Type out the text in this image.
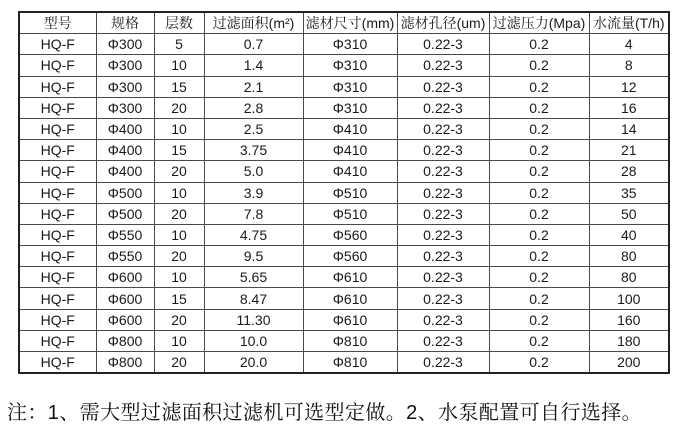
型号	规格	层数	过滤面积(m²)	滤材尺寸(mm)	滤材孔径(um)	过滤压力(Mpa)	水流量(T/h)
HQ-F	Φ300	5	0.7	Φ310	0.22-3	0.2	4
HQ-F	Φ300	10	1.4	Φ310	0.22-3	0.2	8
HQ-F	Φ300	15	2.1	Φ310	0.22-3	0.2	12
HQ-F	Φ300	20	2.8	Φ310	0.22-3	0.2	16
HQ-F	Φ400	10	2.5	Φ410	0.22-3	0.2	14
HQ-F	Φ400	15	3.75	Φ410	0.22-3	0.2	21
HQ-F	Φ400	20	5.0	Φ410	0.22-3	0.2	28
HQ-F	Φ500	10	3.9	Φ510	0.22-3	0.2	35
HQ-F	Φ500	20	7.8	Φ510	0.22-3	0.2	50
HQ-F	Φ550	10	4.75	Φ560	0.22-3	0.2	40
HQ-F	Φ550	20	9.5	Φ560	0.22-3	0.2	80
HQ-F	Φ600	10	5.65	Φ610	0.22-3	0.2	80
HQ-F	Φ600	15	8.47	Φ610	0.22-3	0.2	100
HQ-F	Φ600	20	11.30	Φ610	0.22-3	0.2	160
HQ-F	Φ800	10	10.0	Φ810	0.22-3	0.2	180
HQ-F	Φ800	20	20.0	Φ810	0.22-3	0.2	200
注：1、需大型过滤面积过滤机可选型定做。2、水泵配置可自行选择。
